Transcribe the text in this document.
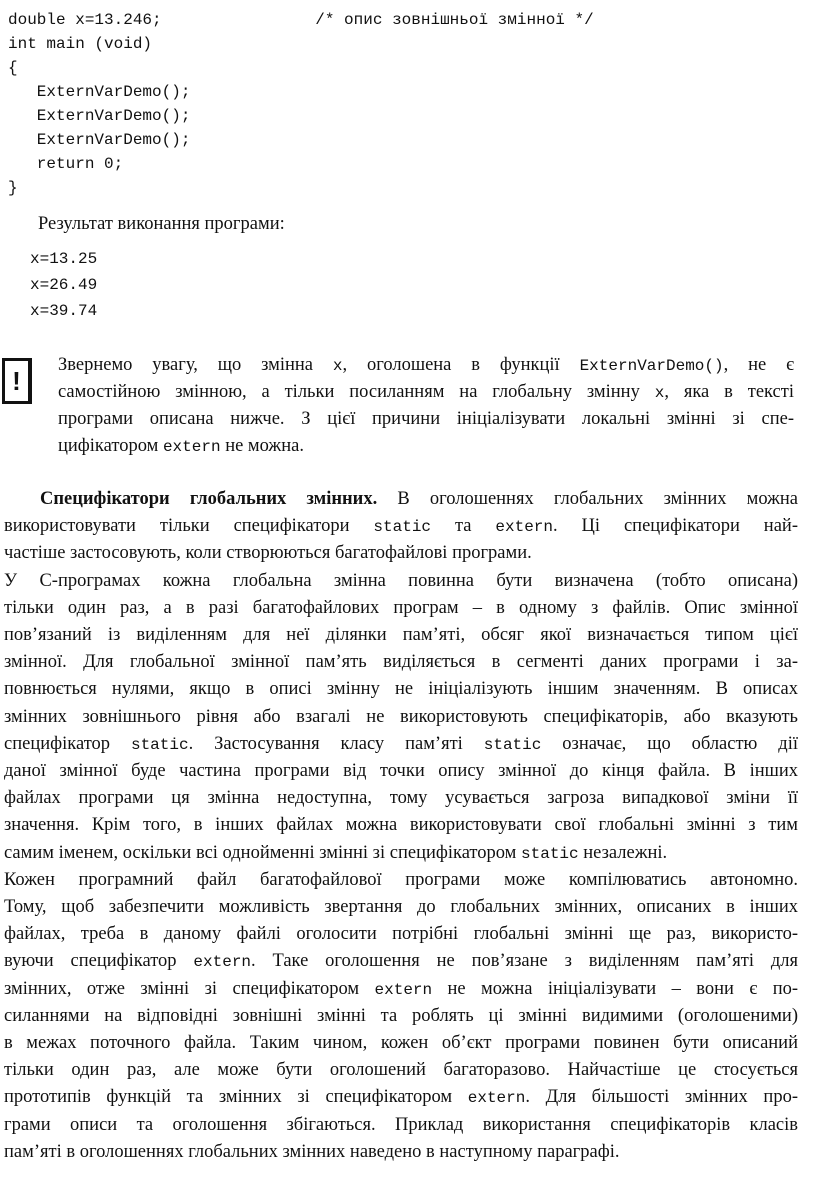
double x=13.246;                /* опис зовнішньої змінної */
int main (void)
{
ExternVarDemo();
ExternVarDemo();
ExternVarDemo();
return 0;
}
Результат виконання програми:
x=13.25
x=26.49
x=39.74
!
Звернемо увагу, що змінна x, оголошена в функції ExternVarDemo(), не є
самостійною змінною, а тільки посиланням на глобальну змінну x, яка в тексті
програми описана нижче. З цієї причини ініціалізувати локальні змінні зі спе-
цифікатором extern не можна.
Специфікатори глобальних змінних. В оголошеннях глобальних змінних можна
використовувати тільки специфікатори static та extern. Ці специфікатори най-
частіше застосовують, коли створюються багатофайлові програми.
У С-програмах кожна глобальна змінна повинна бути визначена (тобто описана)
тільки один раз, а в разі багатофайлових програм – в одному з файлів. Опис змінної
пов’язаний із виділенням для неї ділянки пам’яті, обсяг якої визначається типом цієї
змінної. Для глобальної змінної пам’ять виділяється в сегменті даних програми і за-
повнюється нулями, якщо в описі змінну не ініціалізують іншим значенням. В описах
змінних зовнішнього рівня або взагалі не використовують специфікаторів, або вказують
специфікатор static. Застосування класу пам’яті static означає, що областю дії
даної змінної буде частина програми від точки опису змінної до кінця файла. В інших
файлах програми ця змінна недоступна, тому усувається загроза випадкової зміни її
значення. Крім того, в інших файлах можна використовувати свої глобальні змінні з тим
самим іменем, оскільки всі однойменні змінні зі специфікатором static незалежні.
Кожен програмний файл багатофайлової програми може компілюватись автономно.
Тому, щоб забезпечити можливість звертання до глобальних змінних, описаних в інших
файлах, треба в даному файлі оголосити потрібні глобальні змінні ще раз, використо-
вуючи специфікатор extern. Таке оголошення не пов’язане з виділенням пам’яті для
змінних, отже змінні зі специфікатором extern не можна ініціалізувати – вони є по-
силаннями на відповідні зовнішні змінні та роблять ці змінні видимими (оголошеними)
в межах поточного файла. Таким чином, кожен об’єкт програми повинен бути описаний
тільки один раз, але може бути оголошений багаторазово. Найчастіше це стосується
прототипів функцій та змінних зі специфікатором extern. Для більшості змінних про-
грами описи та оголошення збігаються. Приклад використання специфікаторів класів
пам’яті в оголошеннях глобальних змінних наведено в наступному параграфі.
